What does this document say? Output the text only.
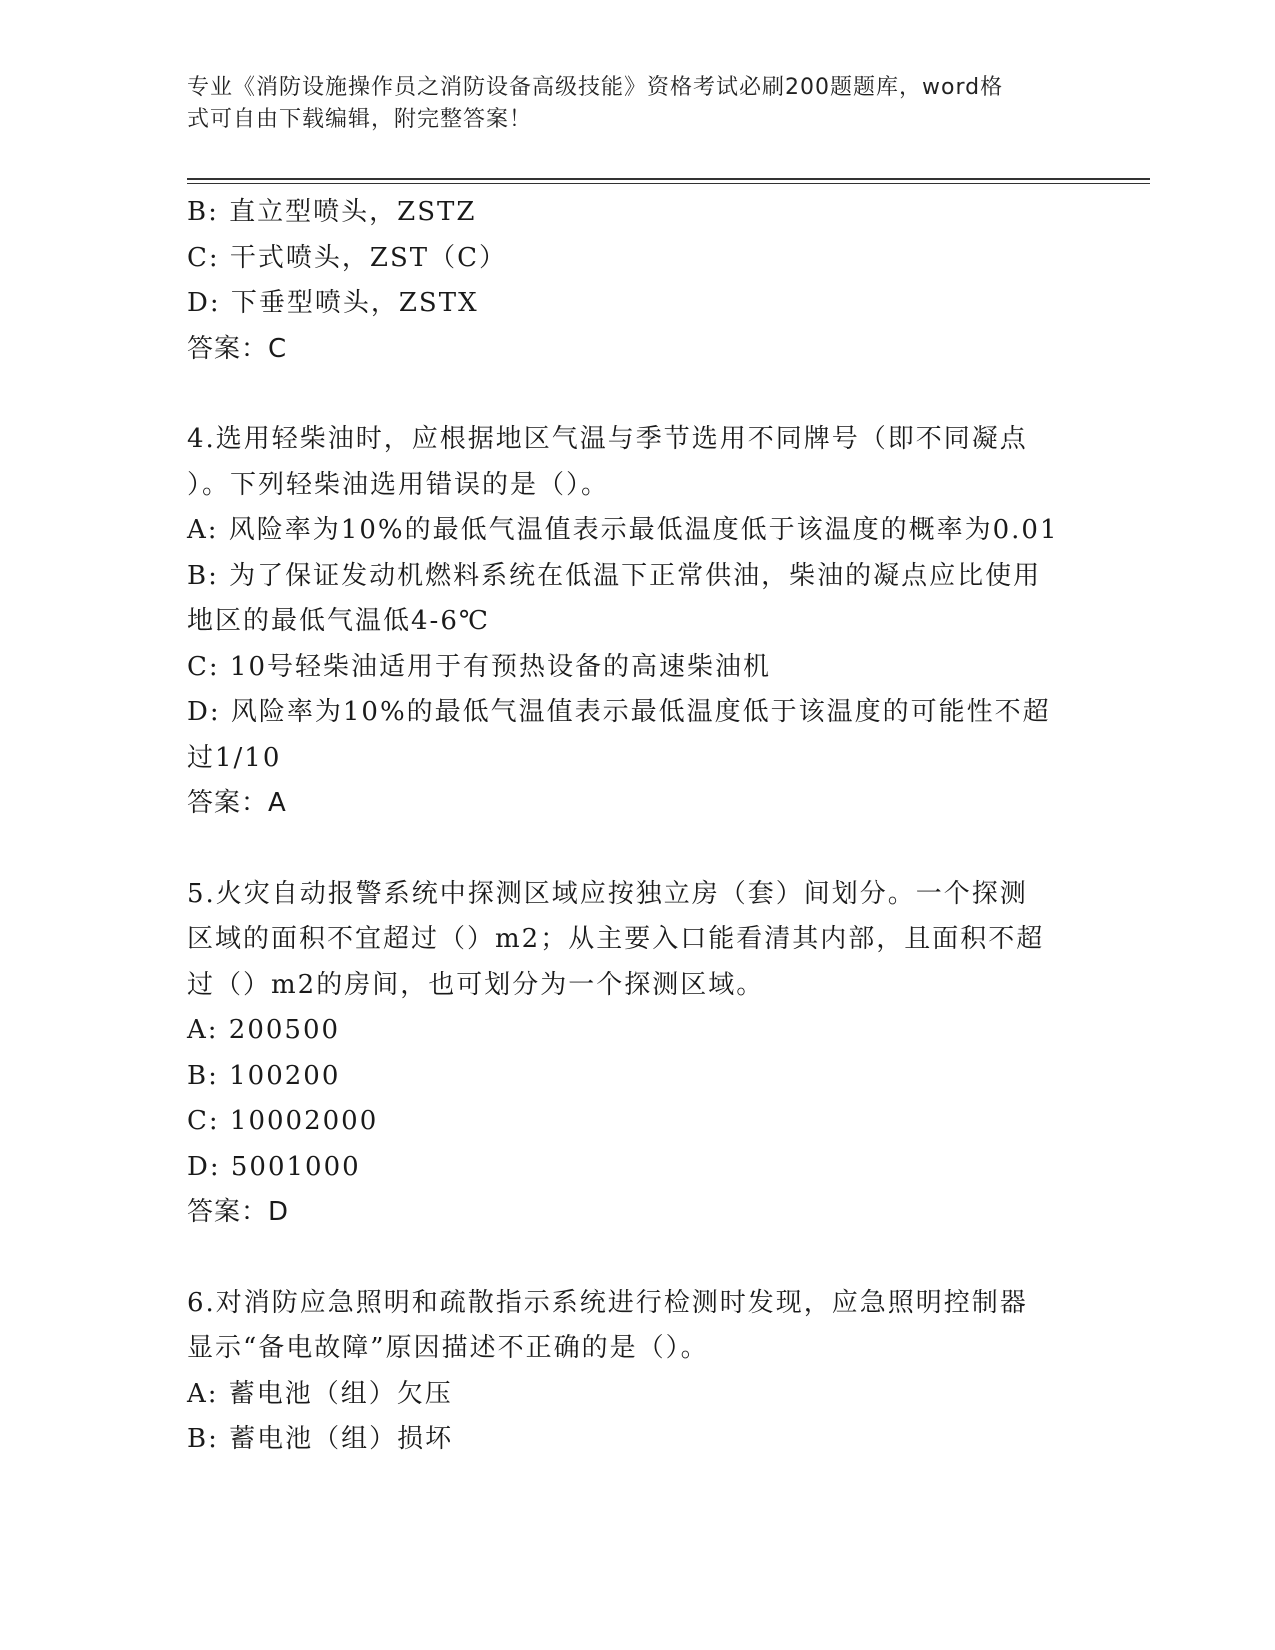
专业《消防设施操作员之消防设备高级技能》资格考试必刷200题题库，word格
式可自由下载编辑，附完整答案！
B: 直立型喷头，ZSTZ
C: 干式喷头，ZST（C）
D: 下垂型喷头，ZSTX
答案：C
4.选用轻柴油时，应根据地区气温与季节选用不同牌号（即不同凝点
）。下列轻柴油选用错误的是（）。
A: 风险率为10%的最低气温值表示最低温度低于该温度的概率为0.01
B: 为了保证发动机燃料系统在低温下正常供油，柴油的凝点应比使用
地区的最低气温低4-6℃
C: 10号轻柴油适用于有预热设备的高速柴油机
D: 风险率为10%的最低气温值表示最低温度低于该温度的可能性不超
过1/10
答案：A
5.火灾自动报警系统中探测区域应按独立房（套）间划分。一个探测
区域的面积不宜超过（）m2；从主要入口能看清其内部，且面积不超
过（）m2的房间，也可划分为一个探测区域。
A: 200500
B: 100200
C: 10002000
D: 5001000
答案：D
6.对消防应急照明和疏散指示系统进行检测时发现，应急照明控制器
显示“备电故障”原因描述不正确的是（）。
A: 蓄电池（组）欠压
B: 蓄电池（组）损坏
